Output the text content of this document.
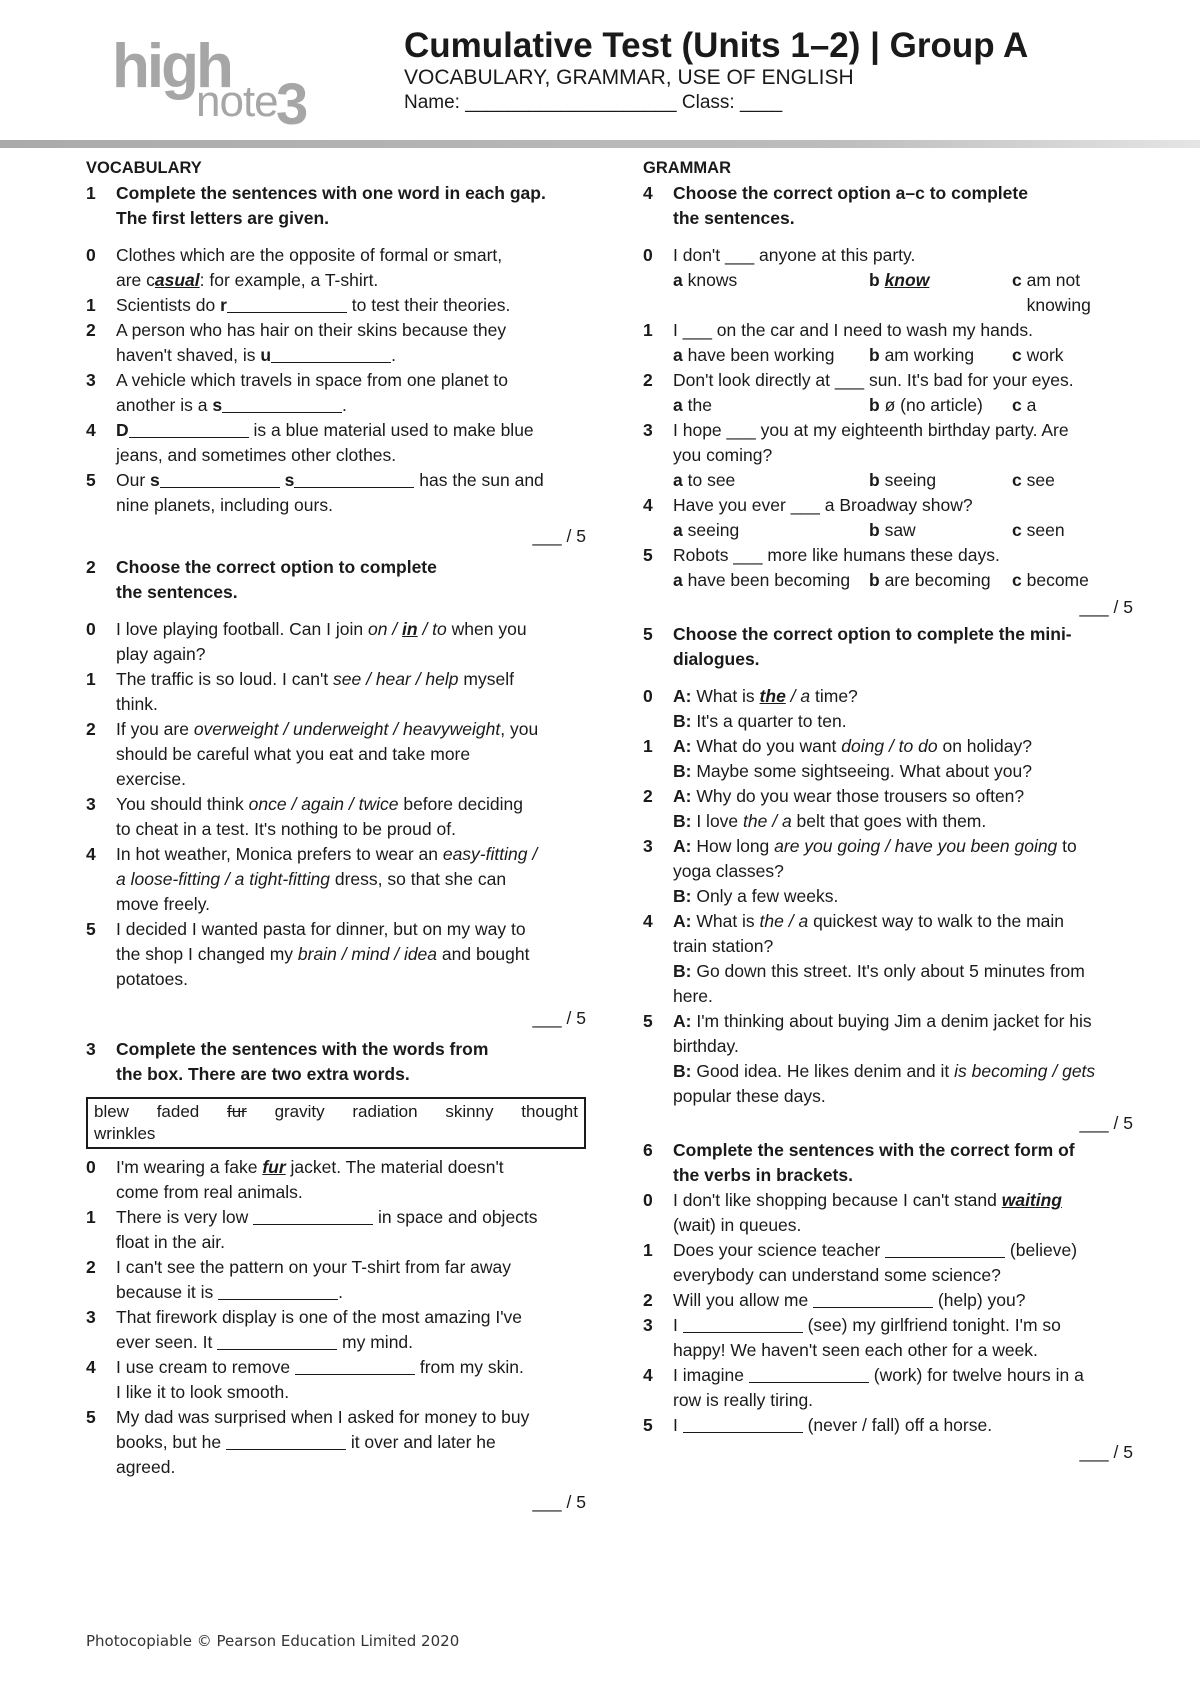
high
note
3
Cumulative Test (Units 1–2) | Group A
VOCABULARY, GRAMMAR, USE OF ENGLISH
Name: ____________________ Class: ____
VOCABULARY
1	Complete the sentences with one word in each gap.
The first letters are given.
0	Clothes which are the opposite of formal or smart,
are casual: for example, a T-shirt.
1	Scientists do r	to test their theories.
2	A person who has hair on their skins because they
haven't shaved, is u	.
3	A vehicle which travels in space from one planet to
another is a s	.
4	D	is a blue material used to make blue
jeans, and sometimes other clothes.
5	Our s	s	has the sun and
nine planets, including ours.
___ / 5
2	Choose the correct option to complete
the sentences.
0	I love playing football. Can I join on / in / to when you
play again?
1	The traffic is so loud. I can't see / hear / help myself
think.
2	If you are overweight / underweight / heavyweight, you
should be careful what you eat and take more
exercise.
3	You should think once / again / twice before deciding
to cheat in a test. It's nothing to be proud of.
4	In hot weather, Monica prefers to wear an easy-fitting /
a loose-fitting / a tight-fitting dress, so that she can
move freely.
5	I decided I wanted pasta for dinner, but on my way to
the shop I changed my brain / mind / idea and bought
potatoes.
___ / 5
3	Complete the sentences with the words from
the box. There are two extra words.
blew faded fur gravity radiation skinny thought
wrinkles
0	I'm wearing a fake fur jacket. The material doesn't
come from real animals.
1	There is very low	in space and objects
float in the air.
2	I can't see the pattern on your T-shirt from far away
because it is	.
3	That firework display is one of the most amazing I've
ever seen. It	my mind.
4	I use cream to remove	from my skin.
I like it to look smooth.
5	My dad was surprised when I asked for money to buy
books, but he	it over and later he
agreed.
___ / 5
GRAMMAR
4	Choose the correct option a–c to complete
the sentences.
0	I don't ___ anyone at this party.
a knows	b know	c am not
knowing
1	I ___ on the car and I need to wash my hands.
a have been working	b am working	c work
2	Don't look directly at ___ sun. It's bad for your eyes.
a the	b ø (no article)	c a
3	I hope ___ you at my eighteenth birthday party. Are
you coming?
a to see	b seeing	c see
4	Have you ever ___ a Broadway show?
a seeing	b saw	c seen
5	Robots ___ more like humans these days.
a have been becoming	b are becoming	c become
___ / 5
5	Choose the correct option to complete the mini-
dialogues.
0	A: What is the / a time?
B: It's a quarter to ten.
1	A: What do you want doing / to do on holiday?
B: Maybe some sightseeing. What about you?
2	A: Why do you wear those trousers so often?
B: I love the / a belt that goes with them.
3	A: How long are you going / have you been going to
yoga classes?
B: Only a few weeks.
4	A: What is the / a quickest way to walk to the main
train station?
B: Go down this street. It's only about 5 minutes from
here.
5	A: I'm thinking about buying Jim a denim jacket for his
birthday.
B: Good idea. He likes denim and it is becoming / gets
popular these days.
___ / 5
6	Complete the sentences with the correct form of
the verbs in brackets.
0	I don't like shopping because I can't stand waiting
(wait) in queues.
1	Does your science teacher	(believe)
everybody can understand some science?
2	Will you allow me	(help) you?
3	I	(see) my girlfriend tonight. I'm so
happy! We haven't seen each other for a week.
4	I imagine	(work) for twelve hours in a
row is really tiring.
5	I	(never / fall) off a horse.
___ / 5
Photocopiable © Pearson Education Limited 2020
